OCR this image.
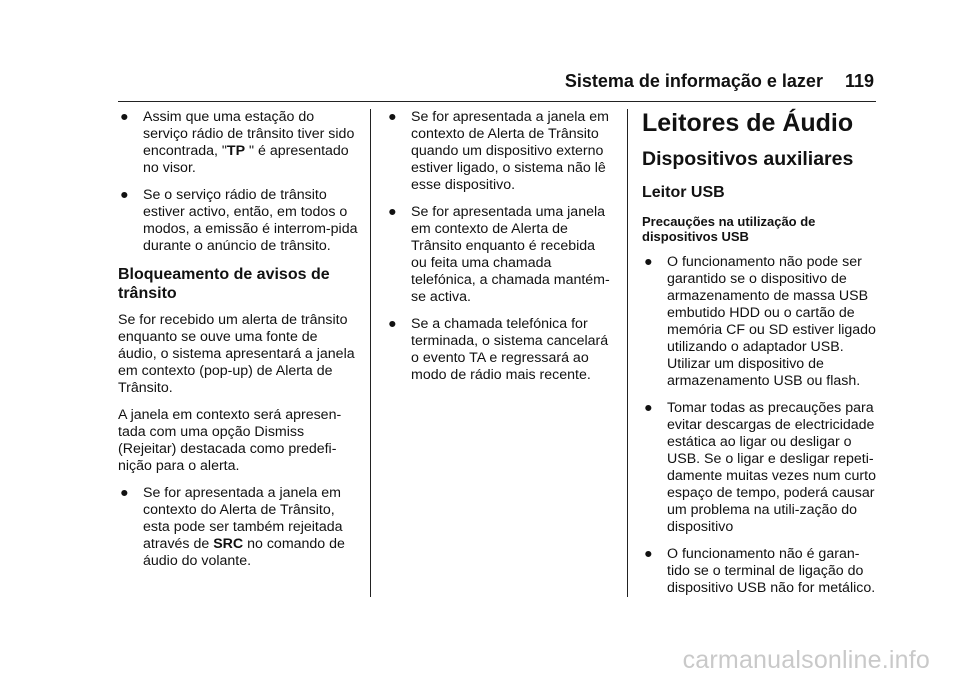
Sistema de informação e lazer 119
● Assim que uma estação do serviço rádio de trânsito tiver sido encontrada, "TP " é apresentado no visor.
● Se o serviço rádio de trânsito estiver activo, então, em todos o modos, a emissão é interrom-pida durante o anúncio de trânsito.
Bloqueamento de avisos de trânsito

Se for recebido um alerta de trânsito enquanto se ouve uma fonte de áudio, o sistema apresentará a janela em contexto (pop-up) de Alerta de Trânsito.

A janela em contexto será apresen-tada com uma opção Dismiss (Rejeitar) destacada como predefi-nição para o alerta.

● Se for apresentada a janela em contexto do Alerta de Trânsito, esta pode ser também rejeitada através de SRC no comando de áudio do volante.
● Se for apresentada a janela em contexto de Alerta de Trânsito quando um dispositivo externo estiver ligado, o sistema não lê esse dispositivo.
● Se for apresentada uma janela em contexto de Alerta de Trânsito enquanto é recebida ou feita uma chamada telefónica, a chamada mantém-se activa.
● Se a chamada telefónica for terminada, o sistema cancelará o evento TA e regressará ao modo de rádio mais recente.
Leitores de Áudio
Dispositivos auxiliares
Leitor USB
Precauções na utilização de dispositivos USB
● O funcionamento não pode ser garantido se o dispositivo de armazenamento de massa USB embutido HDD ou o cartão de memória CF ou SD estiver ligado utilizando o adaptador USB. Utilizar um dispositivo de armazenamento USB ou flash.
● Tomar todas as precauções para evitar descargas de electricidade estática ao ligar ou desligar o USB. Se o ligar e desligar repeti-damente muitas vezes num curto espaço de tempo, poderá causar um problema na utili-zação do dispositivo
● O funcionamento não é garan-tido se o terminal de ligação do dispositivo USB não for metálico.
carmanualsonline.info
